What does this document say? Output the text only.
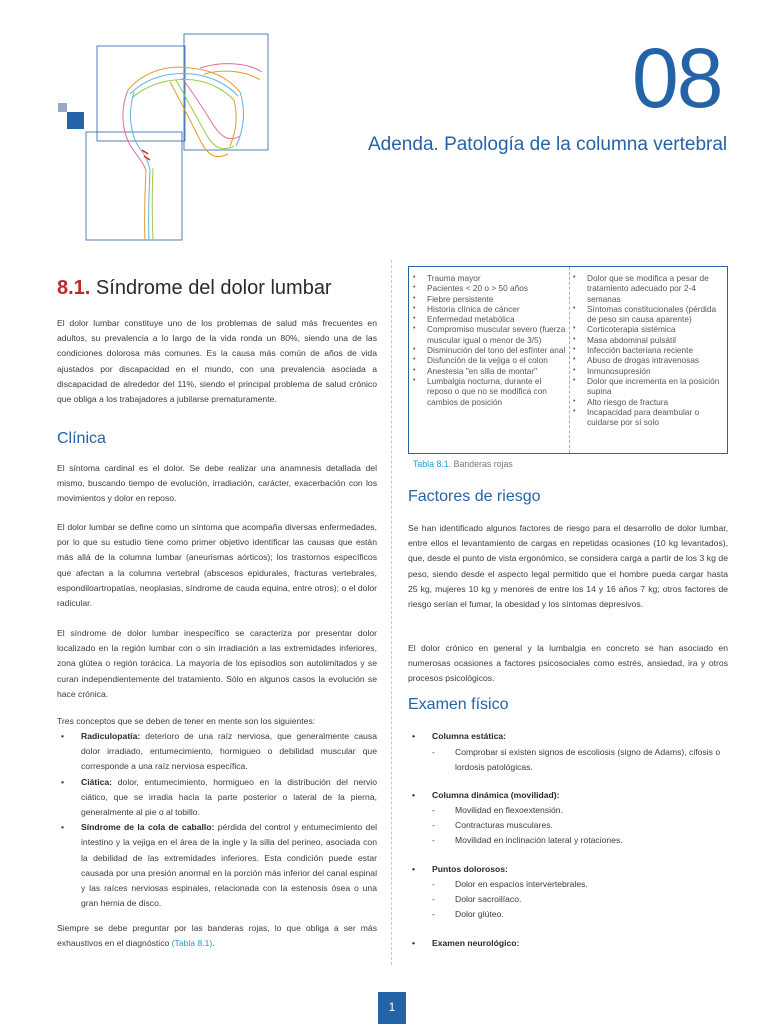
08
Adenda. Patología de la columna vertebral
8.1. Síndrome del dolor lumbar

El dolor lumbar constituye uno de los problemas de salud más frecuentes en adultos, su prevalencia a lo largo de la vida ronda un 80%, siendo una de las condiciones dolorosa más comunes. Es la causa más común de años de vida ajustados por discapacidad en el mundo, con una prevalencia asociada a discapacidad de alrededor del 11%, siendo el principal problema de salud crónico que obliga a los trabajadores a jubilarse prematuramente.

Clínica

El síntoma cardinal es el dolor. Se debe realizar una anamnesis detallada del mismo, buscando tiempo de evolución, irradiación, carácter, exacerbación con los movimientos y dolor en reposo.

El dolor lumbar se define como un síntoma que acompaña diversas enfermedades, por lo que su estudio tiene como primer objetivo identificar las causas que están más allá de la columna lumbar (aneurismas aórticos); los trastornos específicos que afectan a la columna vertebral (abscesos epidurales, fracturas vertebrales, espondiloartropatías, neoplasias, síndrome de cauda equina, entre otros); o el dolor radicular.

El síndrome de dolor lumbar inespecífico se caracteriza por presentar dolor localizado en la región lumbar con o sin irradiación a las extremidades inferiores, zona glútea o región torácica. La mayoría de los episodios son autolimitados y se curan independientemente del tratamiento. Sólo en algunos casos la evolución se hace crónica.

Tres conceptos que se deben de tener en mente son los siguientes:

• Radiculopatía: deterioro de una raíz nerviosa, que generalmente causa dolor irradiado, entumecimiento, hormigueo o debilidad muscular que corresponde a una raíz nerviosa específica.
• Ciática: dolor, entumecimiento, hormigueo en la distribución del nervio ciático, que se irradia hacia la parte posterior o lateral de la pierna, generalmente al pie o al tobillo.
• Síndrome de la cola de caballo: pérdida del control y entumecimiento del intestino y la vejiga en el área de la ingle y la silla del perineo, asociada con la debilidad de las extremidades inferiores. Esta condición puede estar causada por una presión anormal en la porción más inferior del canal espinal y las raíces nerviosas espinales, relacionada con la estenosis ósea o una gran hernia de disco.

Siempre se debe preguntar por las banderas rojas, lo que obliga a ser más exhaustivos en el diagnóstico (Tabla 8.1).

• Trauma mayor
• Pacientes < 20 o > 50 años
• Fiebre persistente
• Historia clínica de cáncer
• Enfermedad metabólica
• Compromiso muscular severo (fuerza muscular igual o menor de 3/5)
• Disminución del tono del esfínter anal
• Disfunción de la vejiga o el colon
• Anestesia "en silla de montar"
• Lumbalgia nocturna, durante el reposo o que no se modifica con cambios de posición
• Dolor que se modifica a pesar de tratamiento adecuado por 2-4 semanas
• Síntomas constitucionales (pérdida de peso sin causa aparente)
• Corticoterapia sistémica
• Masa abdominal pulsátil
• Infección bacteriana reciente
• Abuso de drogas intravenosas
• Inmunosupresión
• Dolor que incrementa en la posición supina
• Alto riesgo de fractura
• Incapacidad para deambular o cuidarse por sí solo
Tabla 8.1. Banderas rojas
Factores de riesgo

Se han identificado algunos factores de riesgo para el desarrollo de dolor lumbar, entre ellos el levantamiento de cargas en repetidas ocasiones (10 kg levantados), que, desde el punto de vista ergonómico, se considera carga a partir de los 3 kg de peso, siendo desde el aspecto legal permitido que el hombre pueda cargar hasta 25 kg, mujeres 10 kg y menores de entre los 14 y 16 años 7 kg; otros factores de riesgo serían el fumar, la obesidad y los síntomas depresivos.

El dolor crónico en general y la lumbalgia en concreto se han asociado en numerosas ocasiones a factores psicosociales como estrés, ansiedad, ira y otros procesos psicológicos.

Examen físico
• Columna estática:
- Comprobar si existen signos de escoliosis (signo de Adams), cifosis o lordosis patológicas.
• Columna dinámica (movilidad):
- Movilidad en flexoextensión.
- Contracturas musculares.
- Movilidad en inclinación lateral y rotaciones.
• Puntos dolorosos:
- Dolor en espacios intervertebrales.
- Dolor sacroilíaco.
- Dolor glúteo.
• Examen neurológico:
1
